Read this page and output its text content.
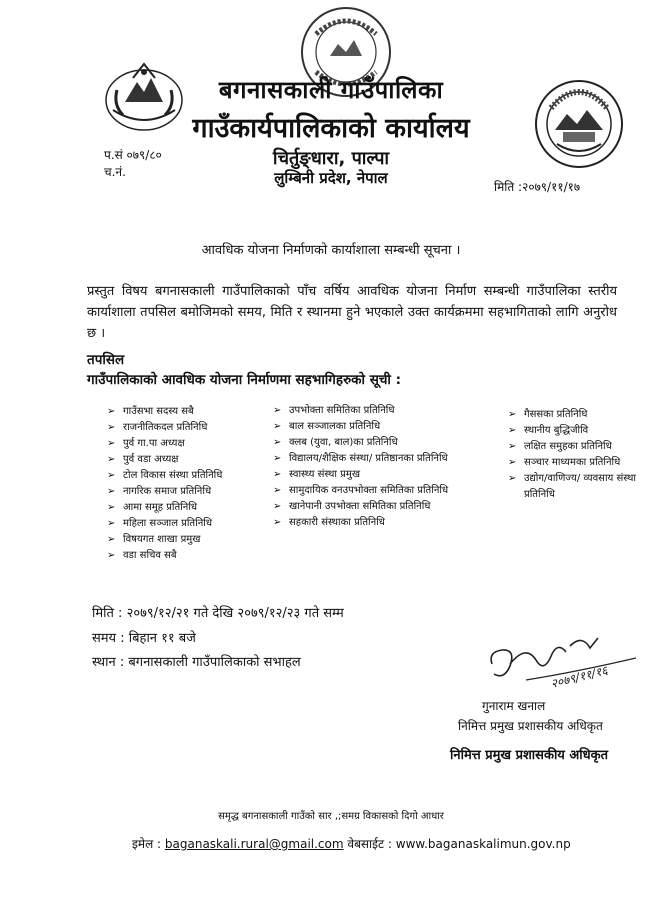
बगनासकाली गाउँपालिका
गाउँकार्यपालिकाको कार्यालय
चिर्तुङ्धारा, पाल्पा
लुम्बिनी प्रदेश, नेपाल
प.सं ०७९/८०
च.नं.
मिति :२०७९/११/१७
आवधिक योजना निर्माणको कार्याशाला सम्बन्धी सूचना ।
प्रस्तुत विषय बगनासकाली गाउँपालिकाको पाँच वर्षिय आवधिक योजना निर्माण सम्बन्धी गाउँपालिका स्तरीय कार्याशाला तपसिल बमोजिमको समय, मिति र स्थानमा हुने भएकाले उक्त कार्यक्रममा सहभागिताको लागि अनुरोध छ ।
तपसिल
गाउँपालिकाको आवधिक योजना निर्माणमा सहभागिहरुको सूची :
➢ गाउँसभा सदस्य सबै
➢ राजनीतिकदल प्रतिनिधि
➢ पुर्व गा.पा अध्यक्ष
➢ पुर्व वडा अध्यक्ष
➢ टोल विकास संस्था प्रतिनिधि
➢ नागरिक समाज प्रतिनिधि
➢ आमा समूह प्रतिनिधि
➢ महिला सञ्जाल प्रतिनिधि
➢ विषयगत शाखा प्रमुख
➢ वडा सचिव सबै
➢ उपभोक्ता समितिका प्रतिनिधि
➢ बाल सञ्जालका प्रतिनिधि
➢ क्लब (युवा, बाल)का प्रतिनिधि
➢ विद्यालय/शैक्षिक संस्था/ प्रतिष्ठानका प्रतिनिधि
➢ स्वास्थ्य संस्था प्रमुख
➢ सामुदायिक वनउपभोक्ता समितिका प्रतिनिधि
➢ खानेपानी उपभोक्ता समितिका प्रतिनिधि
➢ सहकारी संस्थाका प्रतिनिधि
➢ गैससका प्रतिनिधि
➢ स्थानीय बुद्धिजीवि
➢ लक्षित समुहका प्रतिनिधि
➢ सञ्चार माध्यमका प्रतिनिधि
➢ उद्योग/वाणिज्य/ व्यवसाय संस्था प्रतिनिधि
मिति : २०७९/१२/२१ गते देखि २०७९/१२/२३ गते सम्म
समय : बिहान ११ बजे
स्थान : बगनासकाली गाउँपालिकाको सभाहल
२०७९/११/१६
गुनाराम खनाल
निमित्त प्रमुख प्रशासकीय अधिकृत
निमित्त प्रमुख प्रशासकीय अधिकृत
समृद्ध बगनासकाली गाउँको सार ,;समग्र विकासको दिगो आधार
इमेल : baganaskali.rural@gmail.com वेबसाईट : www.baganaskalimun.gov.np
